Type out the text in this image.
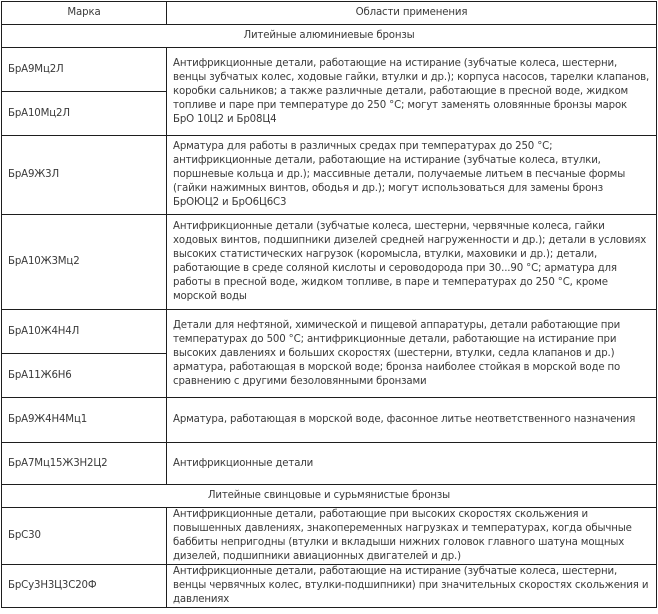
Марка	Области применения
Литейные алюминиевые бронзы	
БрА9Мц2Л	Антифрикционные детали, работающие на истирание (зубчатые колеса, шестерни, венцы зубчатых колес, ходовые гайки, втулки и др.); корпуса насосов, тарелки клапанов, коробки сальников; а также различные детали, работающие в пресной воде, жидком топливе и паре при температуре до 250 °С; могут заменять оловянные бронзы марок БрО 10Ц2 и Бр08Ц4
БрА10Мц2Л	
БрА9Ж3Л	Арматура для работы в различных средах при температурах до 250 °С; антифрикционные детали, работающие на истирание (зубчатые колеса, втулки, поршневые кольца и др.); массивные детали, получаемые литьем в песчаные формы (гайки нажимных винтов, ободья и др.); могут использоваться для замены бронз БрОЮЦ2 и БрО6Ц6С3
БрА10Ж3Мц2	Антифрикционные детали (зубчатые колеса, шестерни, червячные колеса, гайки ходовых винтов, подшипники дизелей средней нагруженности и др.); детали в условиях высоких статистических нагрузок (коромысла, втулки, маховики и др.); детали, работающие в среде соляной кислоты и сероводорода при 30...90 °С; арматура для работы в пресной воде, жидком топливе, в паре и температурах до 250 °С, кроме морской воды
БрА10Ж4Н4Л	Детали для нефтяной, химической и пищевой аппаратуры, детали работающие при температурах до 500 °С; антифрикционные детали, работающие на истирание при высоких давлениях и больших скоростях (шестерни, втулки, седла клапанов и др.) арматура, работающая в морской воде; бронза наиболее стойкая в морской воде по сравнению с другими безоловянными бронзами
БрА11Ж6Н6	
БрА9Ж4Н4Мц1	Арматура, работающая в морской воде, фасонное литье неответственного назначения
БрА7Мц15Ж3Н2Ц2	Антифрикционные детали
Литейные свинцовые и сурьмянистые бронзы	
БрС30	Антифрикционные детали, работающие при высоких скоростях скольжения и повышенных давлениях, знакопеременных нагрузках и температурах, когда обычные баббиты непригодны (втулки и вкладыши нижних головок главного шатуна мощных дизелей, подшипники авиационных двигателей и др.)
БрСу3Н3Ц3С20Ф	Антифрикционные детали, работающие на истирание (зубчатые колеса, шестерни, венцы червячных колес, втулки-подшипники) при значительных скоростях скольжения и давлениях
